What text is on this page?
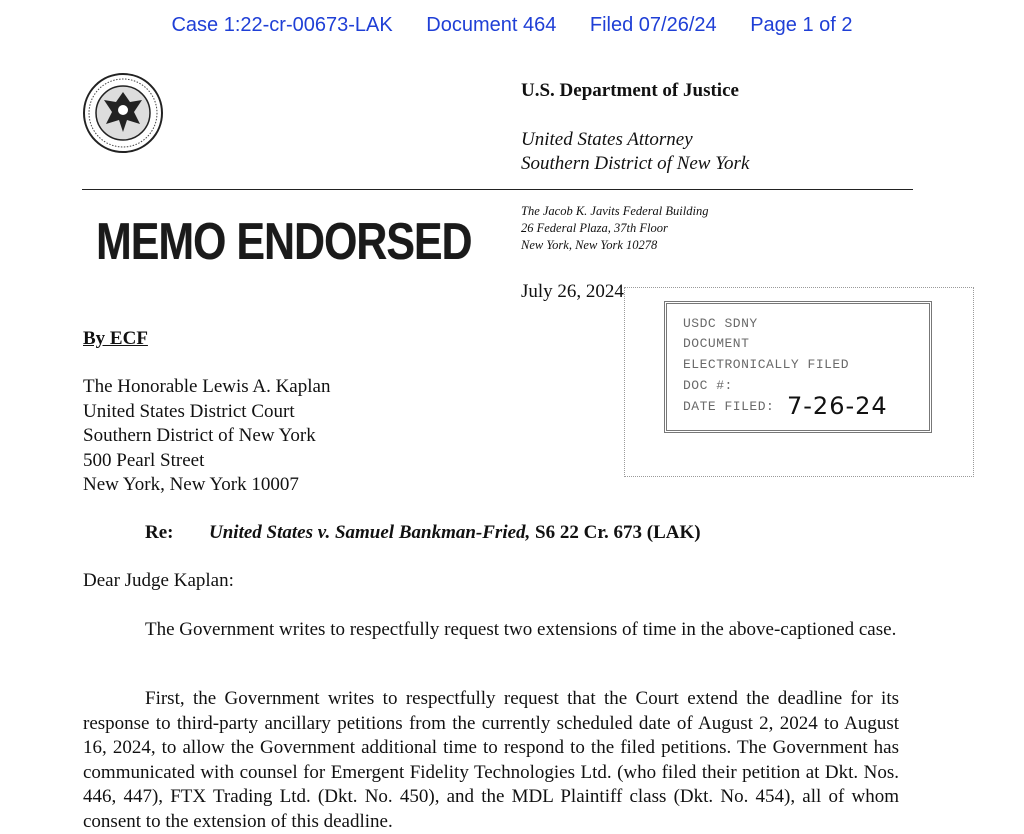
Case 1:22-cr-00673-LAK Document 464 Filed 07/26/24 Page 1 of 2
U.S. Department of Justice
United States Attorney
Southern District of New York
MEMO ENDORSED
The Jacob K. Javits Federal Building
26 Federal Plaza, 37th Floor
New York, New York 10278
July 26, 2024
USDC SDNY
DOCUMENT
ELECTRONICALLY FILED
DOC #:
DATE FILED: 7-26-24
By ECF
The Honorable Lewis A. Kaplan
United States District Court
Southern District of New York
500 Pearl Street
New York, New York 10007
Re: United States v. Samuel Bankman-Fried, S6 22 Cr. 673 (LAK)
Dear Judge Kaplan:
The Government writes to respectfully request two extensions of time in the above-captioned case.
First, the Government writes to respectfully request that the Court extend the deadline for its response to third-party ancillary petitions from the currently scheduled date of August 2, 2024 to August 16, 2024, to allow the Government additional time to respond to the filed petitions. The Government has communicated with counsel for Emergent Fidelity Technologies Ltd. (who filed their petition at Dkt. Nos. 446, 447), FTX Trading Ltd. (Dkt. No. 450), and the MDL Plaintiff class (Dkt. No. 454), all of whom consent to the extension of this deadline.
